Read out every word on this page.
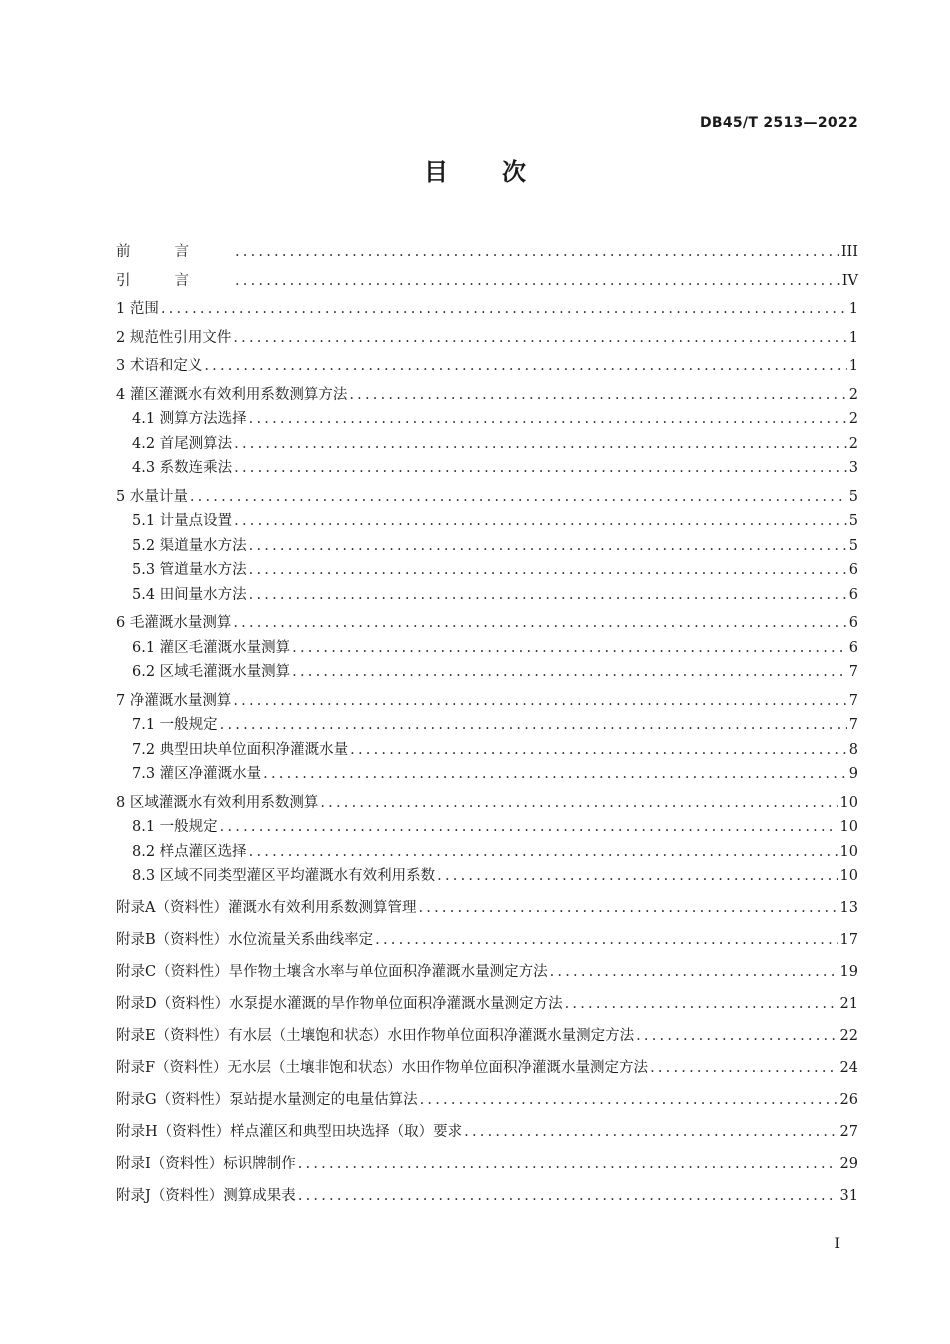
DB45/T 2513—2022
目 次
前言 .....	III
引言 .....	IV
1 范围 .....	1
2 规范性引用文件 .....	1
3 术语和定义 .....	1
4 灌区灌溉水有效利用系数测算方法 .....	2
4.1 测算方法选择 .....	2
4.2 首尾测算法 .....	2
4.3 系数连乘法 .....	3
5 水量计量 .....	5
5.1 计量点设置 .....	5
5.2 渠道量水方法 .....	5
5.3 管道量水方法 .....	6
5.4 田间量水方法 .....	6
6 毛灌溉水量测算 .....	6
6.1 灌区毛灌溉水量测算 .....	6
6.2 区域毛灌溉水量测算 .....	7
7 净灌溉水量测算 .....	7
7.1 一般规定 .....	7
7.2 典型田块单位面积净灌溉水量 .....	8
7.3 灌区净灌溉水量 .....	9
8 区域灌溉水有效利用系数测算 .....	10
8.1 一般规定 .....	10
8.2 样点灌区选择 .....	10
8.3 区域不同类型灌区平均灌溉水有效利用系数 .....	10
附录A（资料性）灌溉水有效利用系数测算管理 .....	13
附录B（资料性）水位流量关系曲线率定 .....	17
附录C（资料性）旱作物土壤含水率与单位面积净灌溉水量测定方法 .....	19
附录D（资料性）水泵提水灌溉的旱作物单位面积净灌溉水量测定方法 .....	21
附录E（资料性）有水层（土壤饱和状态）水田作物单位面积净灌溉水量测定方法 .....	22
附录F（资料性）无水层（土壤非饱和状态）水田作物单位面积净灌溉水量测定方法 .....	24
附录G（资料性）泵站提水量测定的电量估算法 .....	26
附录H（资料性）样点灌区和典型田块选择（取）要求 .....	27
附录I（资料性）标识牌制作 .....	29
附录J（资料性）测算成果表 .....	31
I
